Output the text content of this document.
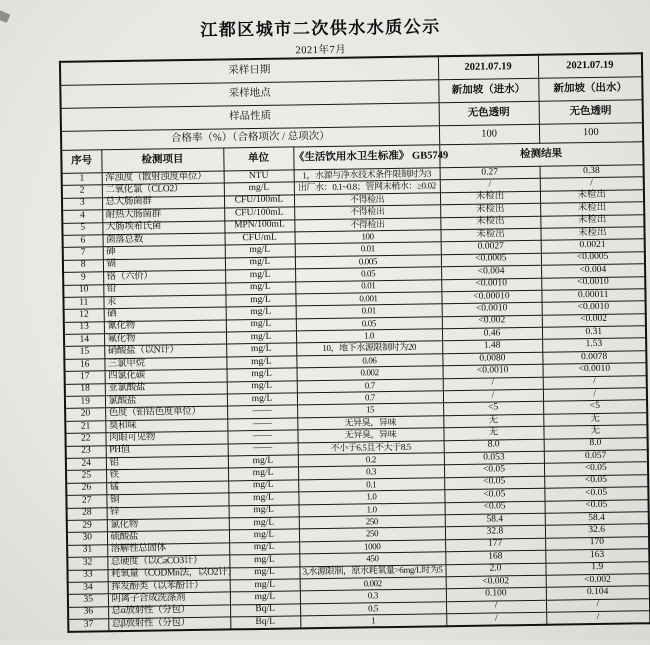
江都区城市二次供水水质公示
2021年7月
采样日期				2021.07.19	2021.07.19
采样地点				新加坡（进水）	新加坡（出水）
样品性质				无色透明	无色透明
合格率（%）（合格项次 / 总项次）				100	100
序号	检测项目	单位	《生活饮用水卫生标准》 GB5749	检测结果	
1	浑浊度（散射浊度单位）	NTU	1，水源与净水技术条件限制时为3	0.27	0.38
2	二氧化氯（CLO2）	mg/L	出厂水：0.1~0.8；管网末稍水：≥0.02	/	/
3	总大肠菌群	CFU/100mL	不得检出	未检出	未检出
4	耐热大肠菌群	CFU/100mL	不得检出	未检出	未检出
5	大肠埃希氏菌	MPN/100mL	不得检出	未检出	未检出
6	菌落总数	CFU/mL	100	未检出	未检出
7	砷	mg/L	0.01	0.0027	0.0021
8	镉	mg/L	0.005	<0.0005	<0.0005
9	铬（六价）	mg/L	0.05	<0.004	<0.004
10	铅	mg/L	0.01	<0.0010	<0.0010
11	汞	mg/L	0.001	<0.00010	0.00011
12	硒	mg/L	0.01	<0.0010	<0.0010
13	氰化物	mg/L	0.05	<0.002	<0.002
14	氟化物	mg/L	1.0	0.46	0.31
15	硝酸盐（以N计）	mg/L	10，地下水源限制时为20	1.48	1.53
16	三氯甲烷	mg/L	0.06	0.0080	0.0078
17	四氯化碳	mg/L	0.002	<0.0010	<0.0010
18	亚氯酸盐	mg/L	0.7	/	/
19	氯酸盐	mg/L	0.7	/	/
20	色度（铂钴色度单位）	——	15	<5	<5
21	臭和味	——	无异臭，异味	无	无
22	肉眼可见物	——	无异臭，异味	无	无
23	PH值	——	不小于6.5且不大于8.5	8.0	8.0
24	铝	mg/L	0.2	0.053	0.057
25	铁	mg/L	0.3	<0.05	<0.05
26	锰	mg/L	0.1	<0.05	<0.05
27	铜	mg/L	1.0	<0.05	<0.05
28	锌	mg/L	1.0	<0.05	<0.05
29	氯化物	mg/L	250	58.4	58.4
30	硫酸盐	mg/L	250	32.8	32.6
31	溶解性总固体	mg/L	1000	177	170
32	总硬度（以CaCO3计）	mg/L	450	168	163
33	耗氧量（CODMn法，以O2计）	mg/L	3,水源限制，原水耗氧量>6mg/L时为5	2.0	1.9
34	挥发酚类（以苯酚计）	mg/L	0.002	<0.002	<0.002
35	阴离子合成洗涤剂	mg/L	0.3	0.100	0.104
36	总α放射性（分包）	Bq/L	0.5	/	/
37	总β放射性（分包）	Bq/L	1	/	/
